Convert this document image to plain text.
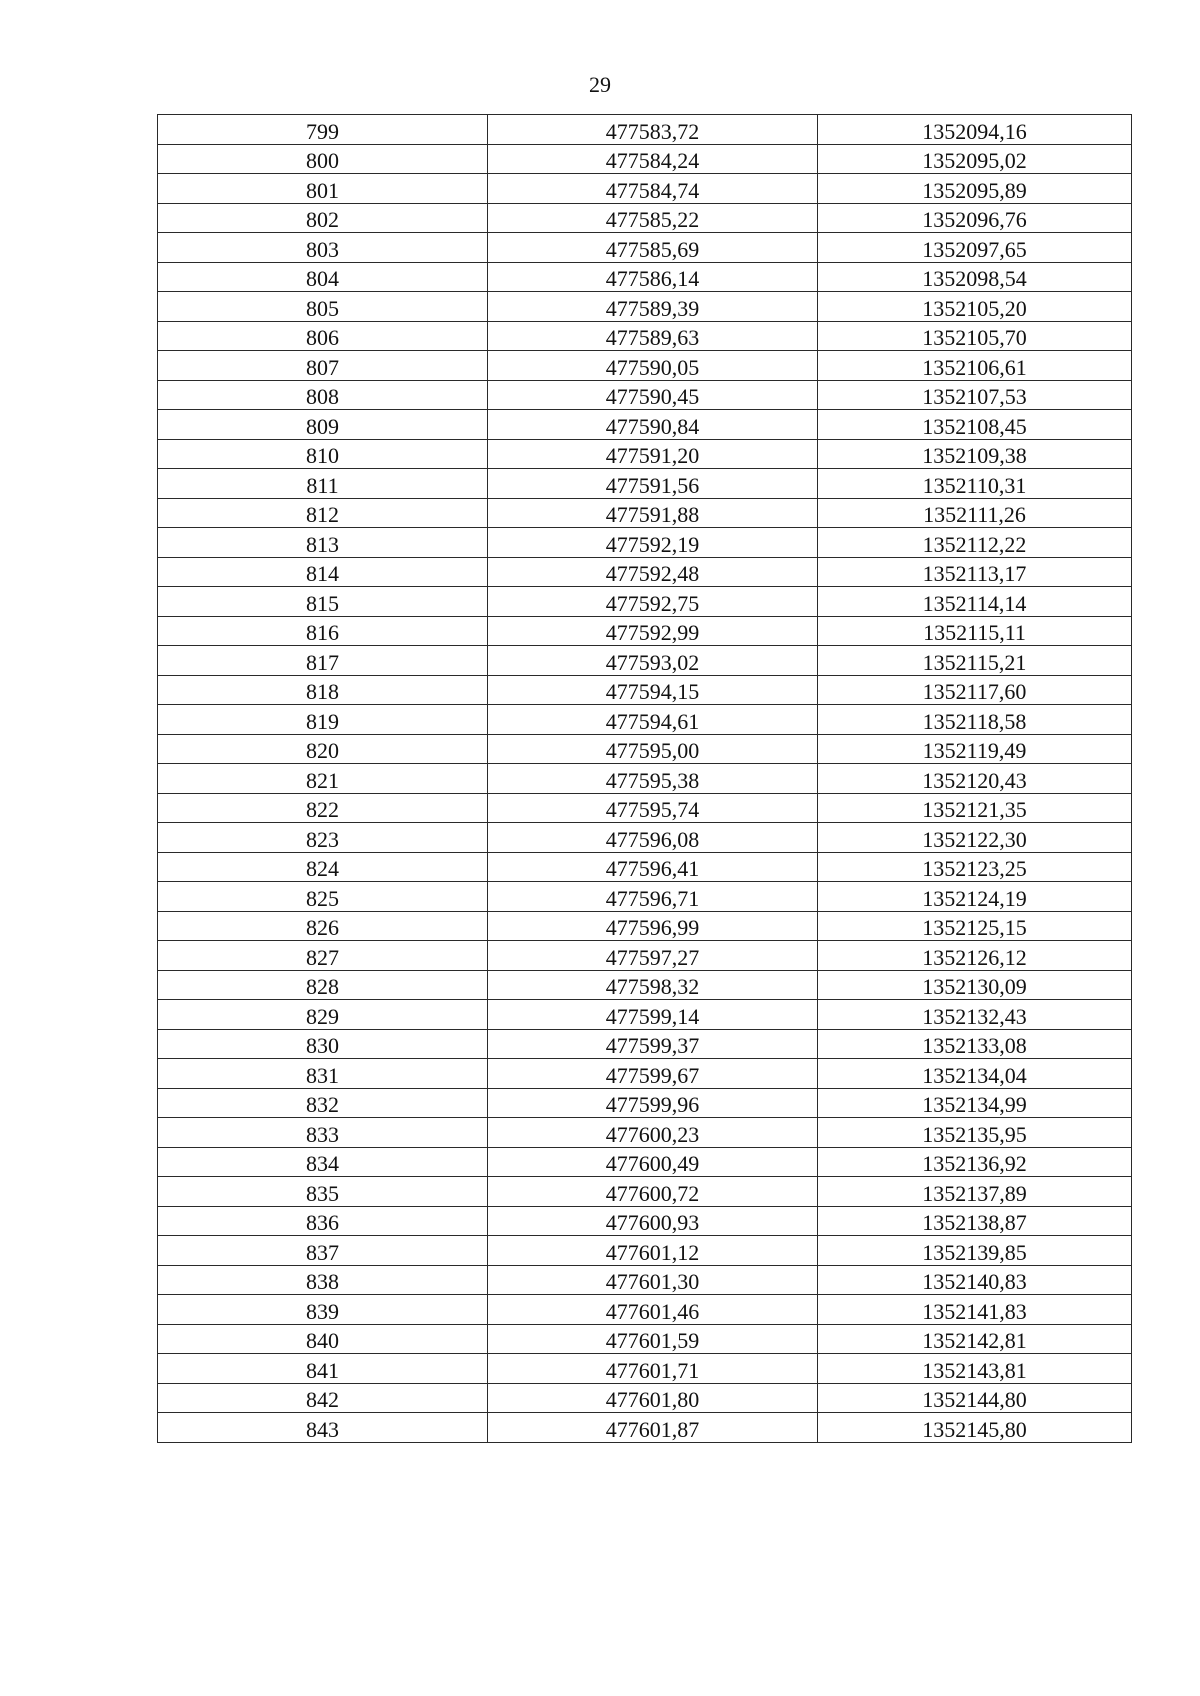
29
799	477583,72	1352094,16
800	477584,24	1352095,02
801	477584,74	1352095,89
802	477585,22	1352096,76
803	477585,69	1352097,65
804	477586,14	1352098,54
805	477589,39	1352105,20
806	477589,63	1352105,70
807	477590,05	1352106,61
808	477590,45	1352107,53
809	477590,84	1352108,45
810	477591,20	1352109,38
811	477591,56	1352110,31
812	477591,88	1352111,26
813	477592,19	1352112,22
814	477592,48	1352113,17
815	477592,75	1352114,14
816	477592,99	1352115,11
817	477593,02	1352115,21
818	477594,15	1352117,60
819	477594,61	1352118,58
820	477595,00	1352119,49
821	477595,38	1352120,43
822	477595,74	1352121,35
823	477596,08	1352122,30
824	477596,41	1352123,25
825	477596,71	1352124,19
826	477596,99	1352125,15
827	477597,27	1352126,12
828	477598,32	1352130,09
829	477599,14	1352132,43
830	477599,37	1352133,08
831	477599,67	1352134,04
832	477599,96	1352134,99
833	477600,23	1352135,95
834	477600,49	1352136,92
835	477600,72	1352137,89
836	477600,93	1352138,87
837	477601,12	1352139,85
838	477601,30	1352140,83
839	477601,46	1352141,83
840	477601,59	1352142,81
841	477601,71	1352143,81
842	477601,80	1352144,80
843	477601,87	1352145,80
